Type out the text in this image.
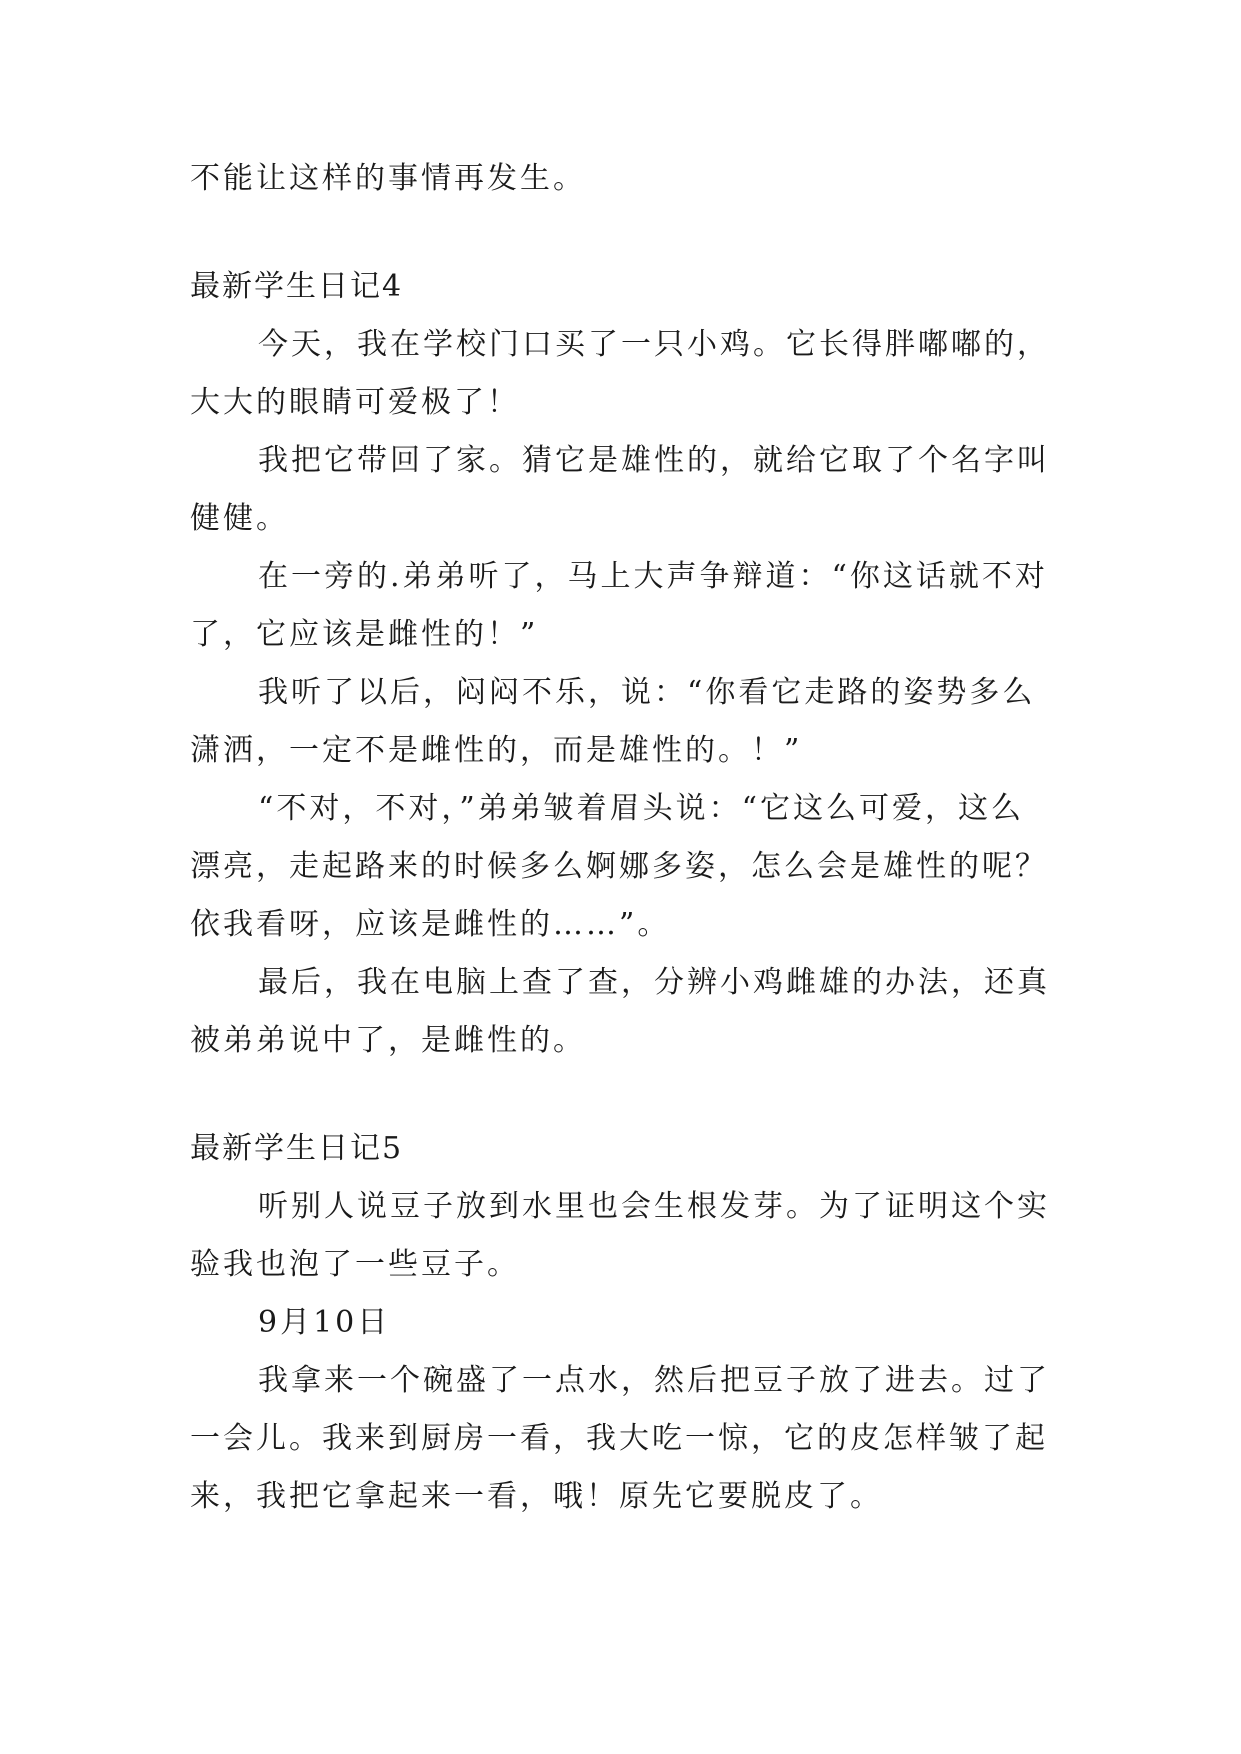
不能让这样的事情再发生。
最新学生日记4
今天，我在学校门口买了一只小鸡。它长得胖嘟嘟的，
大大的眼睛可爱极了！
我把它带回了家。猜它是雄性的，就给它取了个名字叫
健健。
在一旁的.弟弟听了，马上大声争辩道：“你这话就不对
了，它应该是雌性的！”
我听了以后，闷闷不乐，说：“你看它走路的姿势多么
潇洒，一定不是雌性的，而是雄性的。！”
“不对，不对，”弟弟皱着眉头说：“它这么可爱，这么
漂亮，走起路来的时候多么婀娜多姿，怎么会是雄性的呢？
依我看呀，应该是雌性的……”。
最后，我在电脑上查了查，分辨小鸡雌雄的办法，还真
被弟弟说中了，是雌性的。
最新学生日记5
听别人说豆子放到水里也会生根发芽。为了证明这个实
验我也泡了一些豆子。
9月10日
我拿来一个碗盛了一点水，然后把豆子放了进去。过了
一会儿。我来到厨房一看，我大吃一惊，它的皮怎样皱了起
来，我把它拿起来一看，哦！原先它要脱皮了。
